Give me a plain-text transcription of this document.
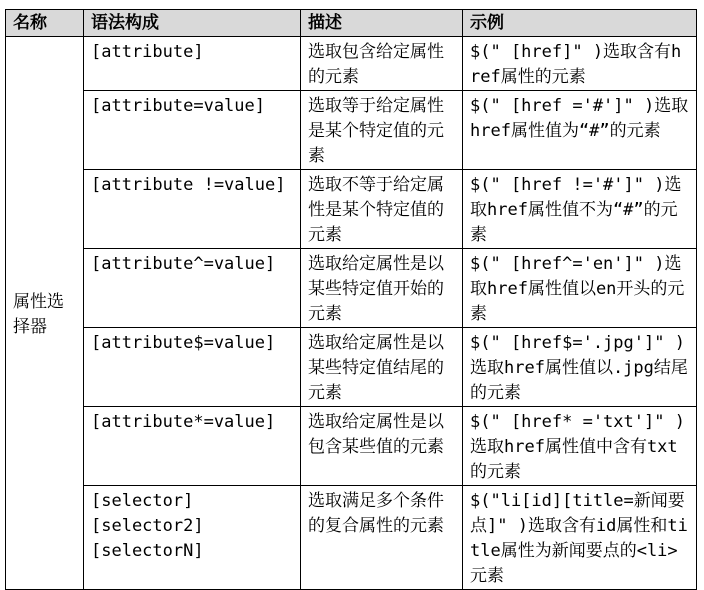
名称	语法构成	描述	示例
属性选择器	[attribute]	选取包含给定属性的元素	$(" [href]" )选取含有href属性的元素

	[attribute=value]	选取等于给定属性是某个特定值的元素	$(" [href ='#']" )选取href属性值为“#”的元素

	[attribute !=value]	选取不等于给定属性是某个特定值的元素	$(" [href !='#']" )选取href属性值不为“#”的元素

	[attribute^=value]	选取给定属性是以某些特定值开始的元素	$(" [href^='en']" )选取href属性值以en开头的元素

	[attribute$=value]	选取给定属性是以某些特定值结尾的元素	$(" [href$='.jpg']" )选取href属性值以.jpg结尾的元素

	[attribute*=value]	选取给定属性是以包含某些值的元素	$(" [href* ='txt']" )选取href属性值中含有txt的元素

	[selector]
[selector2]
[selectorN]	选取满足多个条件的复合属性的元素	$("li[id][title=新闻要点]" )选取含有id属性和title属性为新闻要点的<li>元素
